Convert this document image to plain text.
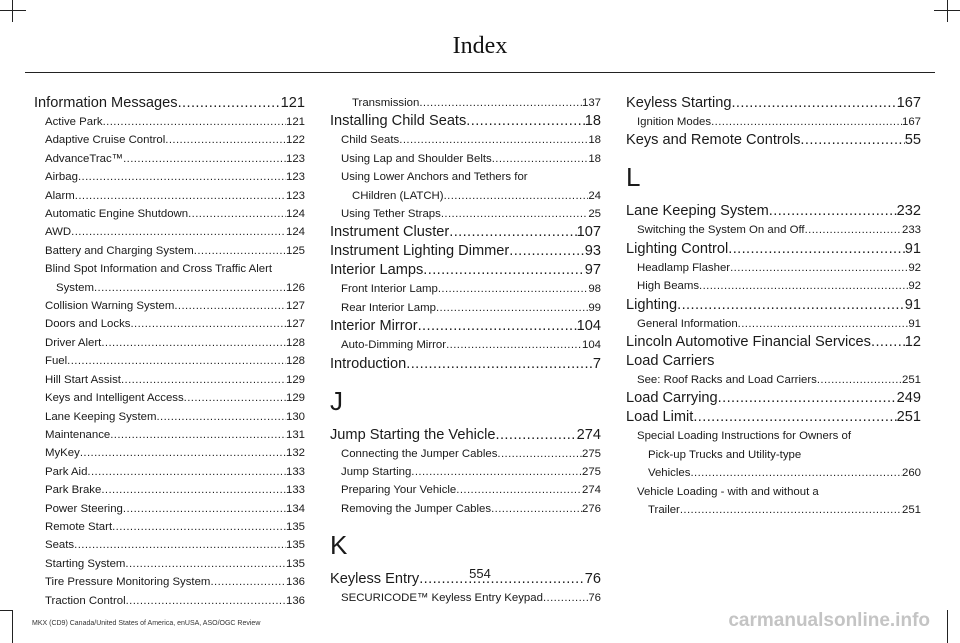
Index
Information Messages .....	121
Active Park .....	121
Adaptive Cruise Control .....	122
AdvanceTrac™ .....	123
Airbag .....	123
Alarm .....	123
Automatic Engine Shutdown .....	124
AWD .....	124
Battery and Charging System .....	125
Blind Spot Information and Cross Traffic Alert
System .....	126
Collision Warning System .....	127
Doors and Locks .....	127
Driver Alert .....	128
Fuel .....	128
Hill Start Assist .....	129
Keys and Intelligent Access .....	129
Lane Keeping System .....	130
Maintenance .....	131
MyKey .....	132
Park Aid .....	133
Park Brake .....	133
Power Steering .....	134
Remote Start .....	135
Seats .....	135
Starting System .....	135
Tire Pressure Monitoring System .....	136
Traction Control .....	136
Transmission .....	137
Installing Child Seats .....	18
Child Seats .....	18
Using Lap and Shoulder Belts .....	18
Using Lower Anchors and Tethers for
CHildren (LATCH) .....	24
Using Tether Straps .....	25
Instrument Cluster .....	107
Instrument Lighting Dimmer .....	93
Interior Lamps .....	97
Front Interior Lamp .....	98
Rear Interior Lamp .....	99
Interior Mirror .....	104
Auto-Dimming Mirror .....	104
Introduction .....	7
J
Jump Starting the Vehicle .....	274
Connecting the Jumper Cables .....	275
Jump Starting .....	275
Preparing Your Vehicle .....	274
Removing the Jumper Cables .....	276
K
Keyless Entry .....	76
SECURICODE™ Keyless Entry Keypad .....	76
Keyless Starting .....	167
Ignition Modes .....	167
Keys and Remote Controls .....	55
L
Lane Keeping System .....	232
Switching the System On and Off .....	233
Lighting Control .....	91
Headlamp Flasher .....	92
High Beams .....	92
Lighting .....	91
General Information .....	91
Lincoln Automotive Financial Services ..... 12
Load Carriers
See: Roof Racks and Load Carriers .....	251
Load Carrying .....	249
Load Limit .....	251
Special Loading Instructions for Owners of
Pick-up Trucks and Utility-type
Vehicles .....	260
Vehicle Loading - with and without a
Trailer .....	251
554
MKX (CD9) Canada/United States of America, enUSA, ASO/OGC Review	carmanualsonline.info
